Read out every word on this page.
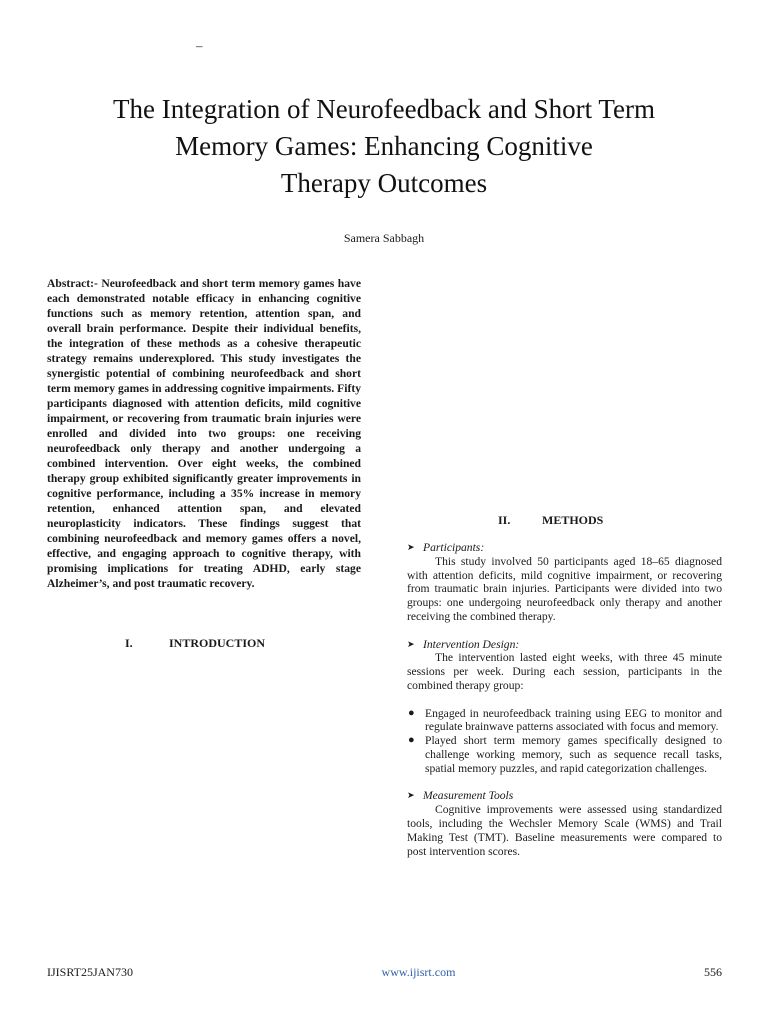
–
The Integration of Neurofeedback and Short Term
Memory Games: Enhancing Cognitive
Therapy Outcomes
Samera Sabbagh

Abstract:- Neurofeedback and short term memory games have each demonstrated notable efficacy in enhancing cognitive functions such as memory retention, attention span, and overall brain performance. Despite their individual benefits, the integration of these methods as a cohesive therapeutic strategy remains underexplored. This study investigates the synergistic potential of combining neurofeedback and short term memory games in addressing cognitive impairments. Fifty participants diagnosed with attention deficits, mild cognitive impairment, or recovering from traumatic brain injuries were enrolled and divided into two groups: one receiving neurofeedback only therapy and another undergoing a combined intervention. Over eight weeks, the combined therapy group exhibited significantly greater improvements in cognitive performance, including a 35% increase in memory retention, enhanced attention span, and elevated neuroplasticity indicators. These findings suggest that combining neurofeedback and memory games offers a novel, effective, and engaging approach to cognitive therapy, with promising implications for treating ADHD, early stage Alzheimer’s, and post traumatic recovery.

I.	INTRODUCTION
II.	METHODS
➤ Participants:

This study involved 50 participants aged 18–65 diagnosed with attention deficits, mild cognitive impairment, or recovering from traumatic brain injuries. Participants were divided into two groups: one undergoing neurofeedback only therapy and another receiving the combined therapy.

➤ Intervention Design:

The intervention lasted eight weeks, with three 45 minute sessions per week. During each session, participants in the combined therapy group:

● Engaged in neurofeedback training using EEG to monitor and regulate brainwave patterns associated with focus and memory.
● Played short term memory games specifically designed to challenge working memory, such as sequence recall tasks, spatial memory puzzles, and rapid categorization challenges.
➤ Measurement Tools

Cognitive improvements were assessed using standardized tools, including the Wechsler Memory Scale (WMS) and Trail Making Test (TMT). Baseline measurements were compared to post intervention scores.

IJISRT25JAN730	www.ijisrt.com	556
